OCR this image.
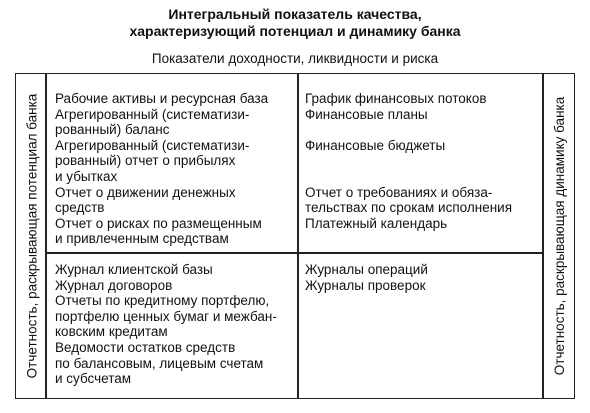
Интегральный показатель качества,
характеризующий потенциал и динамику банка
Показатели доходности, ликвидности и риска
Отчетность, раскрывающая потенциал банка	Отчетность, раскрывающая динамику банка

Рабочие активы и ресурсная база

Агрегированный (систематизи-
рованный) баланс

Агрегированный (систематизи-
рованный) отчет о прибылях
и убытках

Отчет о движении денежных
средств

Отчет о рисках по размещенным
и привлеченным средствам

График финансовых потоков

Финансовые планы

Финансовые бюджеты

Отчет о требованиях и обяза-
тельствах по срокам исполнения

Платежный календарь

Журнал клиентской базы

Журнал договоров

Отчеты по кредитному портфелю,
портфелю ценных бумаг и межбан-
ковским кредитам

Ведомости остатков средств
по балансовым, лицевым счетам
и субсчетам

Журналы операций

Журналы проверок
